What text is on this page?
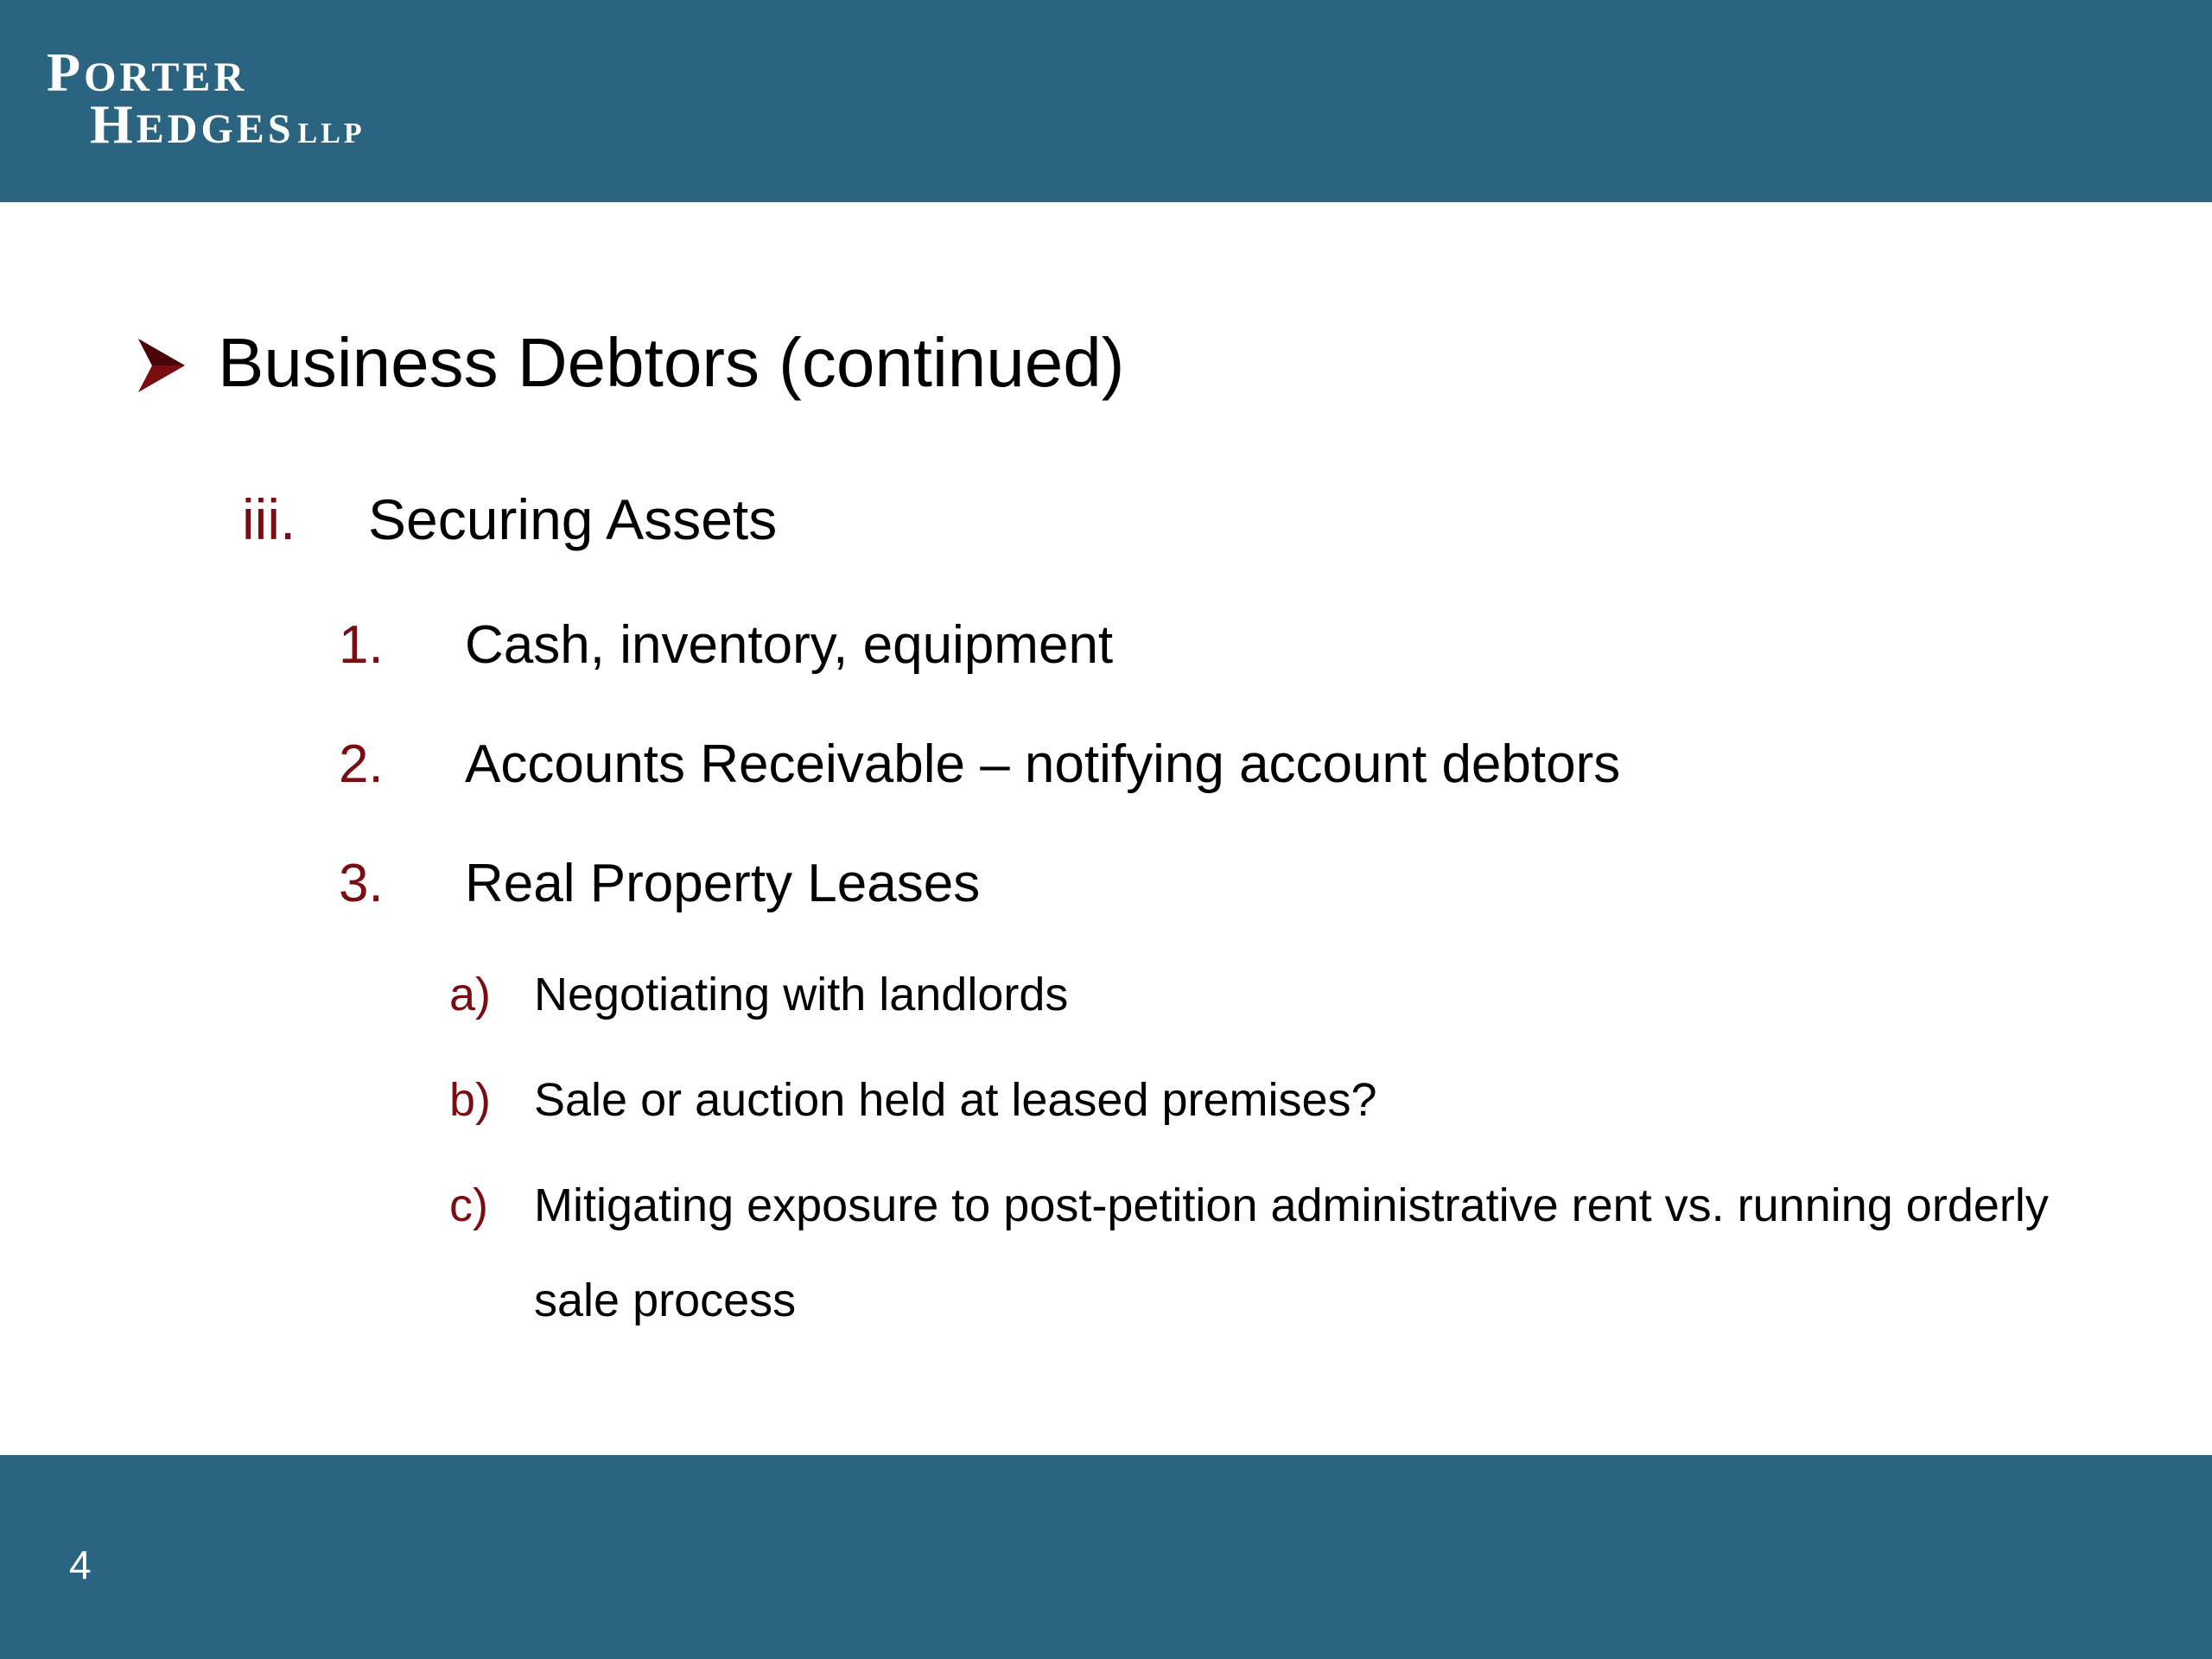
PORTER
HEDGES LLP
Business Debtors (continued)
iii. Securing Assets
1. Cash, inventory, equipment
2. Accounts Receivable – notifying account debtors
3. Real Property Leases
a) Negotiating with landlords
b) Sale or auction held at leased premises?
c) Mitigating exposure to post-petition administrative rent vs. running orderly sale process
4
